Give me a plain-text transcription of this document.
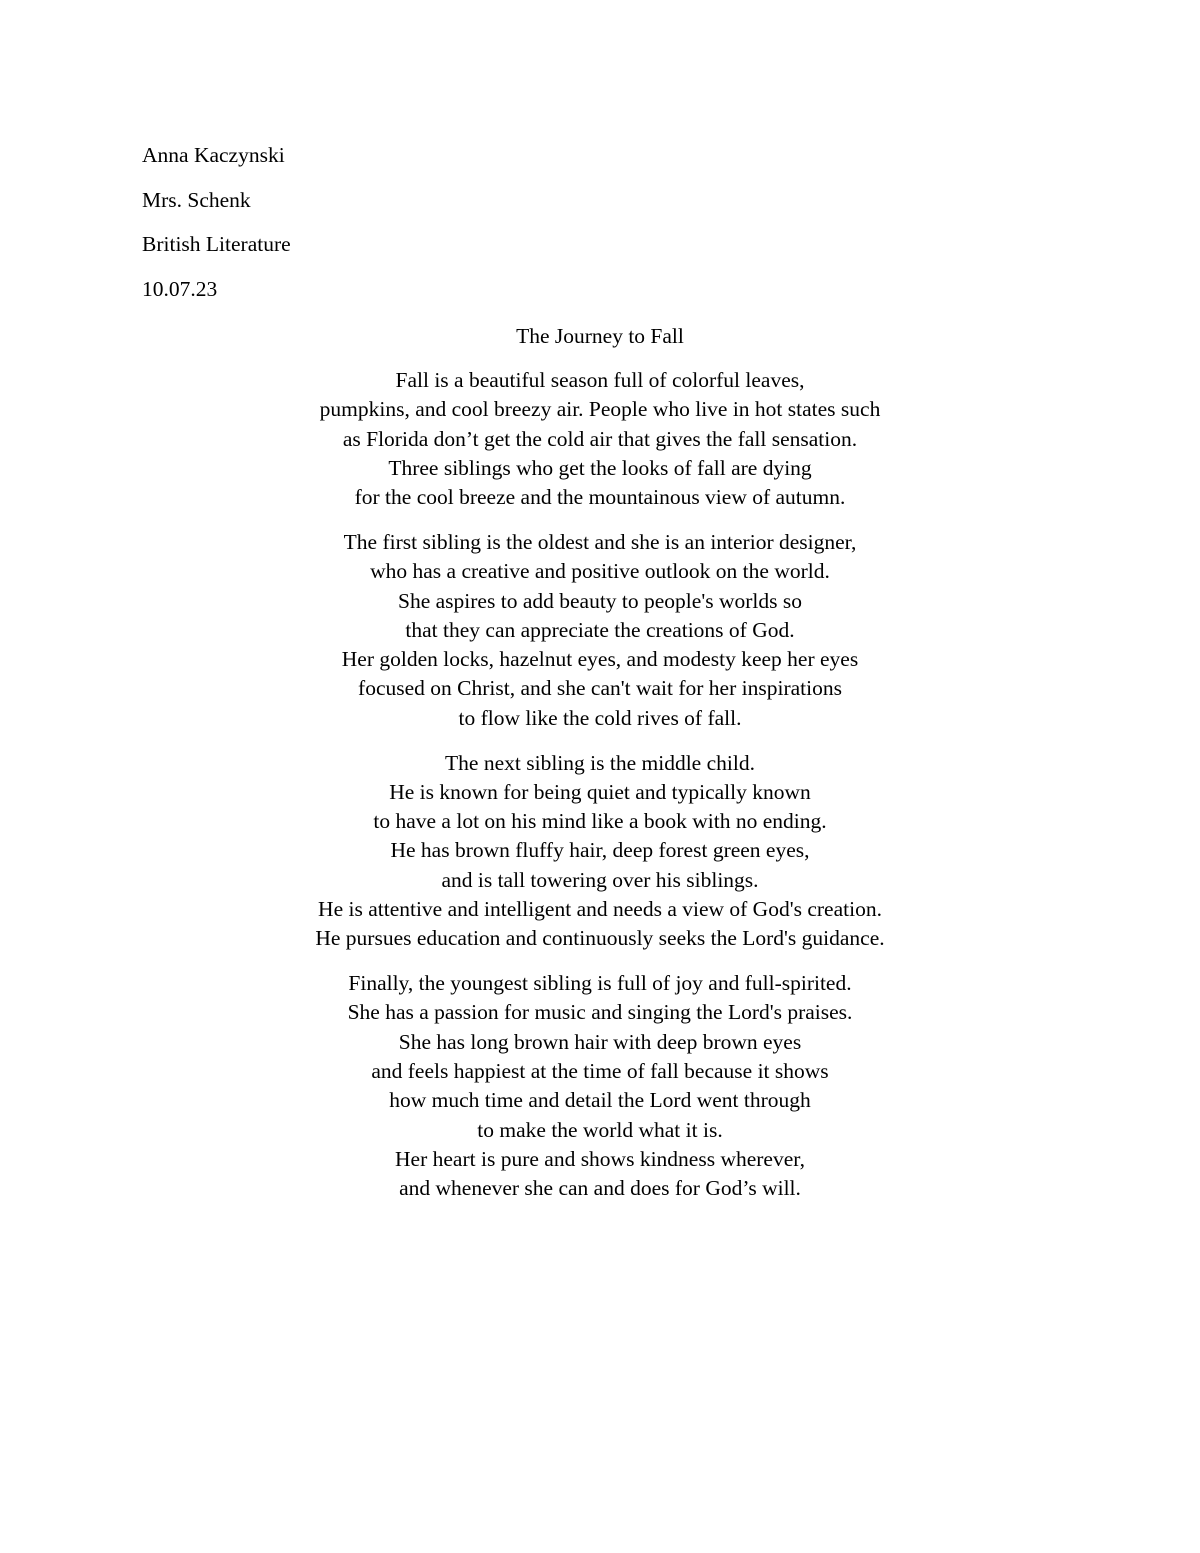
Anna Kaczynski
Mrs. Schenk
British Literature
10.07.23
The Journey to Fall
Fall is a beautiful season full of colorful leaves,
pumpkins, and cool breezy air. People who live in hot states such
as Florida don’t get the cold air that gives the fall sensation.
Three siblings who get the looks of fall are dying
for the cool breeze and the mountainous view of autumn.
The first sibling is the oldest and she is an interior designer,
who has a creative and positive outlook on the world.
She aspires to add beauty to people's worlds so
that they can appreciate the creations of God.
Her golden locks, hazelnut eyes, and modesty keep her eyes
focused on Christ, and she can't wait for her inspirations
to flow like the cold rives of fall.
The next sibling is the middle child.
He is known for being quiet and typically known
to have a lot on his mind like a book with no ending.
He has brown fluffy hair, deep forest green eyes,
and is tall towering over his siblings.
He is attentive and intelligent and needs a view of God's creation.
He pursues education and continuously seeks the Lord's guidance.
Finally, the youngest sibling is full of joy and full-spirited.
She has a passion for music and singing the Lord's praises.
She has long brown hair with deep brown eyes
and feels happiest at the time of fall because it shows
how much time and detail the Lord went through
to make the world what it is.
Her heart is pure and shows kindness wherever,
and whenever she can and does for God’s will.
